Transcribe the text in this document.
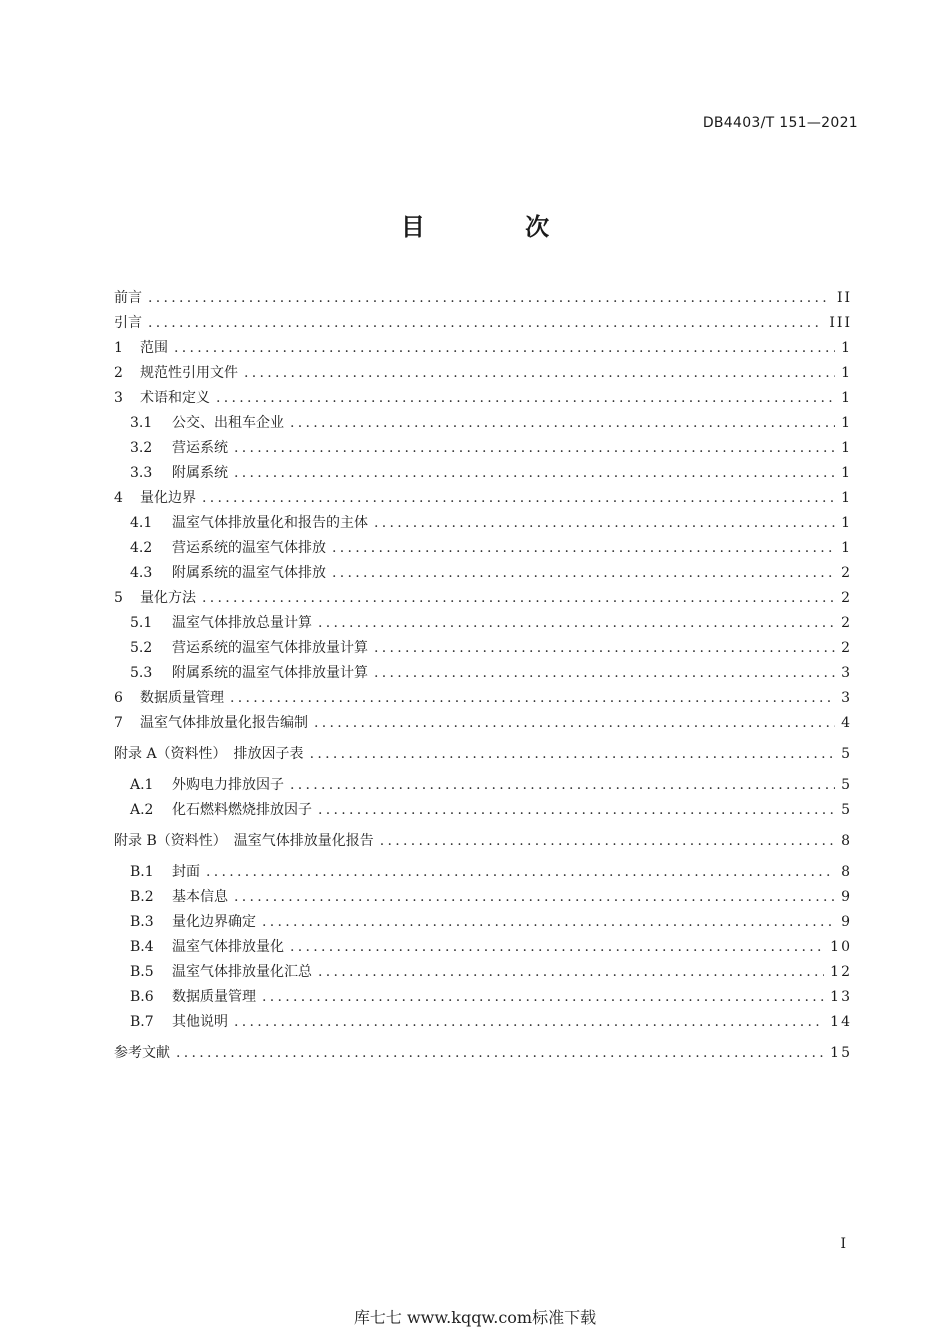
DB4403/T 151—2021
目 次
前言 .....	II
引言 .....	III
1	范围 .....	1
2	规范性引用文件 .....	1
3	术语和定义 .....	1
3.1	公交、出租车企业 .....	1
3.2	营运系统 .....	1
3.3	附属系统 .....	1
4	量化边界 .....	1
4.1	温室气体排放量化和报告的主体 .....	1
4.2	营运系统的温室气体排放 .....	1
4.3	附属系统的温室气体排放 .....	2
5	量化方法 .....	2
5.1	温室气体排放总量计算 .....	2
5.2	营运系统的温室气体排放量计算 .....	2
5.3	附属系统的温室气体排放量计算 .....	3
6	数据质量管理 .....	3
7	温室气体排放量化报告编制 .....	4
附录 A（资料性）　排放因子表 .....	5
A.1	外购电力排放因子 .....	5
A.2	化石燃料燃烧排放因子 .....	5
附录 B（资料性）　温室气体排放量化报告 .....	8
B.1	封面 .....	8
B.2	基本信息 .....	9
B.3	量化边界确定 .....	9
B.4	温室气体排放量化 .....	10
B.5	温室气体排放量化汇总 .....	12
B.6	数据质量管理 .....	13
B.7	其他说明 .....	14
参考文献 .....	15
I
库七七 www.kqqw.com标准下载
